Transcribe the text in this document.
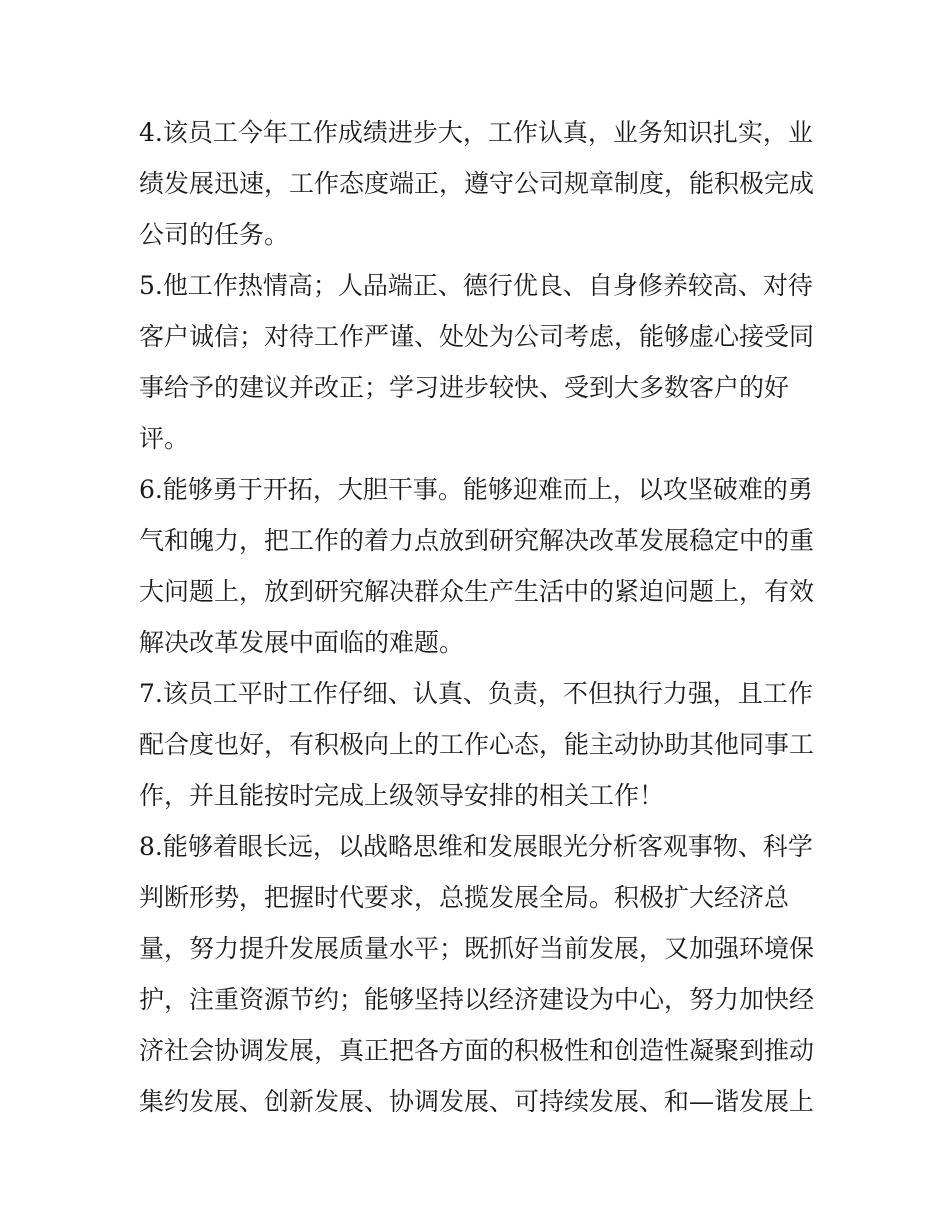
4.该员工今年工作成绩进步大，工作认真，业务知识扎实，业
绩发展迅速，工作态度端正，遵守公司规章制度，能积极完成
公司的任务。
5.他工作热情高；人品端正、德行优良、自身修养较高、对待
客户诚信；对待工作严谨、处处为公司考虑，能够虚心接受同
事给予的建议并改正；学习进步较快、受到大多数客户的好
评。
6.能够勇于开拓，大胆干事。能够迎难而上，以攻坚破难的勇
气和魄力，把工作的着力点放到研究解决改革发展稳定中的重
大问题上，放到研究解决群众生产生活中的紧迫问题上，有效
解决改革发展中面临的难题。
7.该员工平时工作仔细、认真、负责，不但执行力强，且工作
配合度也好，有积极向上的工作心态，能主动协助其他同事工
作，并且能按时完成上级领导安排的相关工作！
8.能够着眼长远，以战略思维和发展眼光分析客观事物、科学
判断形势，把握时代要求，总揽发展全局。积极扩大经济总
量，努力提升发展质量水平；既抓好当前发展，又加强环境保
护，注重资源节约；能够坚持以经济建设为中心，努力加快经
济社会协调发展，真正把各方面的积极性和创造性凝聚到推动
集约发展、创新发展、协调发展、可持续发展、和—谐发展上
